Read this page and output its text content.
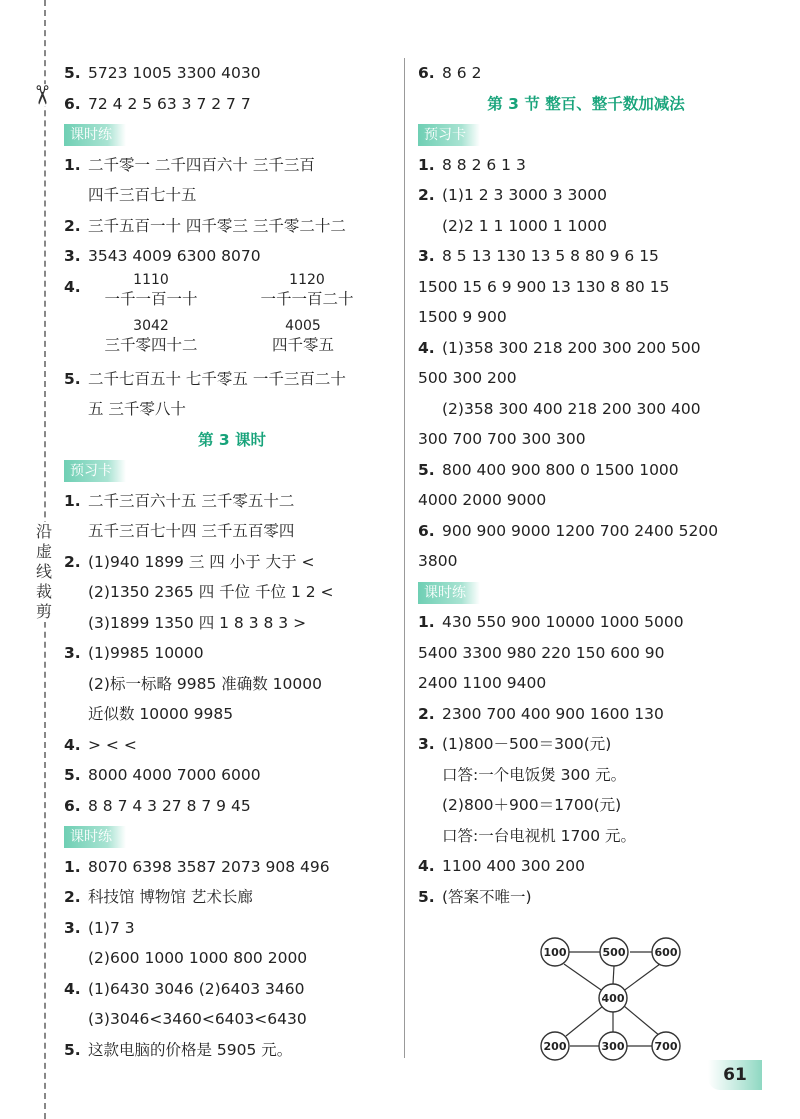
✂
沿虚线裁剪
5. 5723 1005 3300 4030
6. 72 4 2 5 63 3 7 2 7 7
课时练
1. 二千零一 二千四百六十 三千三百
四千三百七十五
2. 三千五百一十 四千零三 三千零二十二
3. 3543 4009 6300 8070
4.	1110
一千一百一十
1120
一千一百二十
3042
三千零四十二
4005
四千零五
5. 二千七百五十 七千零五 一千三百二十
五 三千零八十
第 3 课时
预习卡
1. 二千三百六十五 三千零五十二
五千三百七十四 三千五百零四
2. (1)940 1899 三 四 小于 大于 <
(2)1350 2365 四 千位 千位 1 2 <
(3)1899 1350 四 1 8 3 8 3 >
3. (1)9985 10000
(2)标一标略 9985 准确数 10000
近似数 10000 9985
4. > < <
5. 8000 4000 7000 6000
6. 8 8 7 4 3 27 8 7 9 45
课时练
1. 8070 6398 3587 2073 908 496
2. 科技馆 博物馆 艺术长廊
3. (1)7 3
(2)600 1000 1000 800 2000
4. (1)6430 3046 (2)6403 3460
(3)3046<3460<6403<6430
5. 这款电脑的价格是 5905 元。
6. 8 6 2
第 3 节 整百、整千数加减法
预习卡
1. 8 8 2 6 1 3
2. (1)1 2 3 3000 3 3000
(2)2 1 1 1000 1 1000
3. 8 5 13 130 13 5 8 80 9 6 15
1500 15 6 9 900 13 130 8 80 15
1500 9 900
4. (1)358 300 218 200 300 200 500
500 300 200
(2)358 300 400 218 200 300 400
300 700 700 300 300
5. 800 400 900 800 0 1500 1000
4000 2000 9000
6. 900 900 9000 1200 700 2400 5200
3800
课时练
1. 430 550 900 10000 1000 5000
5400 3300 980 220 150 600 90
2400 1100 9400
2. 2300 700 400 900 1600 130
3. (1)800－500＝300(元)
口答:一个电饭煲 300 元。
(2)800＋900＝1700(元)
口答:一台电视机 1700 元。
4. 1100 400 300 200
5. (答案不唯一)
100	500	600
400
200	300	700
61
